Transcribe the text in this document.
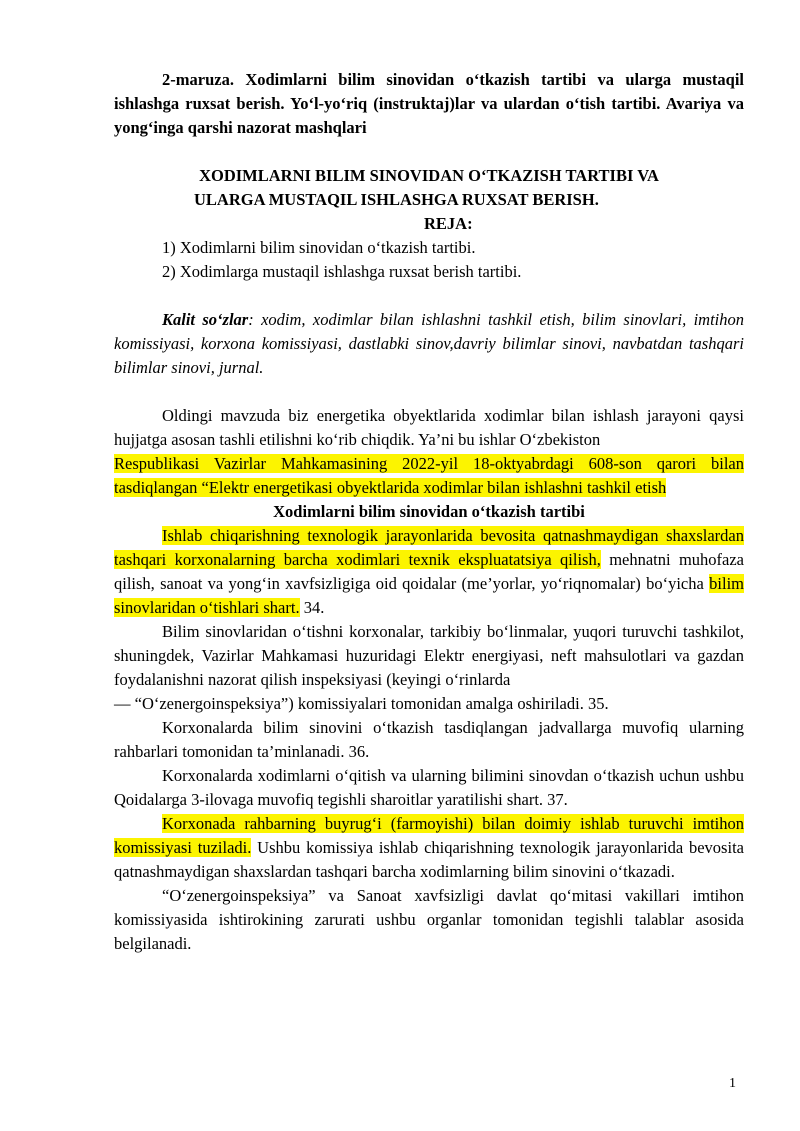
2-maruza. Xodimlarni bilim sinovidan o‘tkazish tartibi va ularga mustaqil ishlashga ruxsat berish. Yo‘l-yo‘riq (instruktaj)lar va ulardan o‘tish tartibi. Avariya va yong‘inga qarshi nazorat mashqlari

XODIMLARNI BILIM SINOVIDAN O‘TKAZISH TARTIBI VA

ULARGA MUSTAQIL ISHLASHGA RUXSAT BERISH.

REJA:

1) Xodimlarni bilim sinovidan o‘tkazish tartibi.

2) Xodimlarga mustaqil ishlashga ruxsat berish tartibi.

Kalit so‘zlar: xodim, xodimlar bilan ishlashni tashkil etish, bilim sinovlari, imtihon komissiyasi, korxona komissiyasi, dastlabki sinov,davriy bilimlar sinovi, navbatdan tashqari bilimlar sinovi, jurnal.

Oldingi mavzuda biz energetika obyektlarida xodimlar bilan ishlash jarayoni qaysi hujjatga asosan tashli etilishni ko‘rib chiqdik. Ya’ni bu ishlar O‘zbekiston

Respublikasi Vazirlar Mahkamasining 2022-yil 18-oktyabrdagi 608-son qarori bilan tasdiqlangan “Elektr energetikasi obyektlarida xodimlar bilan ishlashni tashkil etish

Xodimlarni bilim sinovidan o‘tkazish tartibi

Ishlab chiqarishning texnologik jarayonlarida bevosita qatnashmaydigan shaxslardan tashqari korxonalarning barcha xodimlari texnik ekspluatatsiya qilish, mehnatni muhofaza qilish, sanoat va yong‘in xavfsizligiga oid qoidalar (me’yorlar, yo‘riqnomalar) bo‘yicha bilim sinovlaridan o‘tishlari shart. 34.

Bilim sinovlaridan o‘tishni korxonalar, tarkibiy bo‘linmalar, yuqori turuvchi tashkilot, shuningdek, Vazirlar Mahkamasi huzuridagi Elektr energiyasi, neft mahsulotlari va gazdan foydalanishni nazorat qilish inspeksiyasi (keyingi o‘rinlarda

— “O‘zenergoinspeksiya”) komissiyalari tomonidan amalga oshiriladi. 35.

Korxonalarda bilim sinovini o‘tkazish tasdiqlangan jadvallarga muvofiq ularning rahbarlari tomonidan ta’minlanadi. 36.

Korxonalarda xodimlarni o‘qitish va ularning bilimini sinovdan o‘tkazish uchun ushbu Qoidalarga 3-ilovaga muvofiq tegishli sharoitlar yaratilishi shart. 37.

Korxonada rahbarning buyrug‘i (farmoyishi) bilan doimiy ishlab turuvchi imtihon komissiyasi tuziladi. Ushbu komissiya ishlab chiqarishning texnologik jarayonlarida bevosita qatnashmaydigan shaxslardan tashqari barcha xodimlarning bilim sinovini o‘tkazadi.

“O‘zenergoinspeksiya” va Sanoat xavfsizligi davlat qo‘mitasi vakillari imtihon komissiyasida ishtirokining zarurati ushbu organlar tomonidan tegishli talablar asosida belgilanadi.

1
